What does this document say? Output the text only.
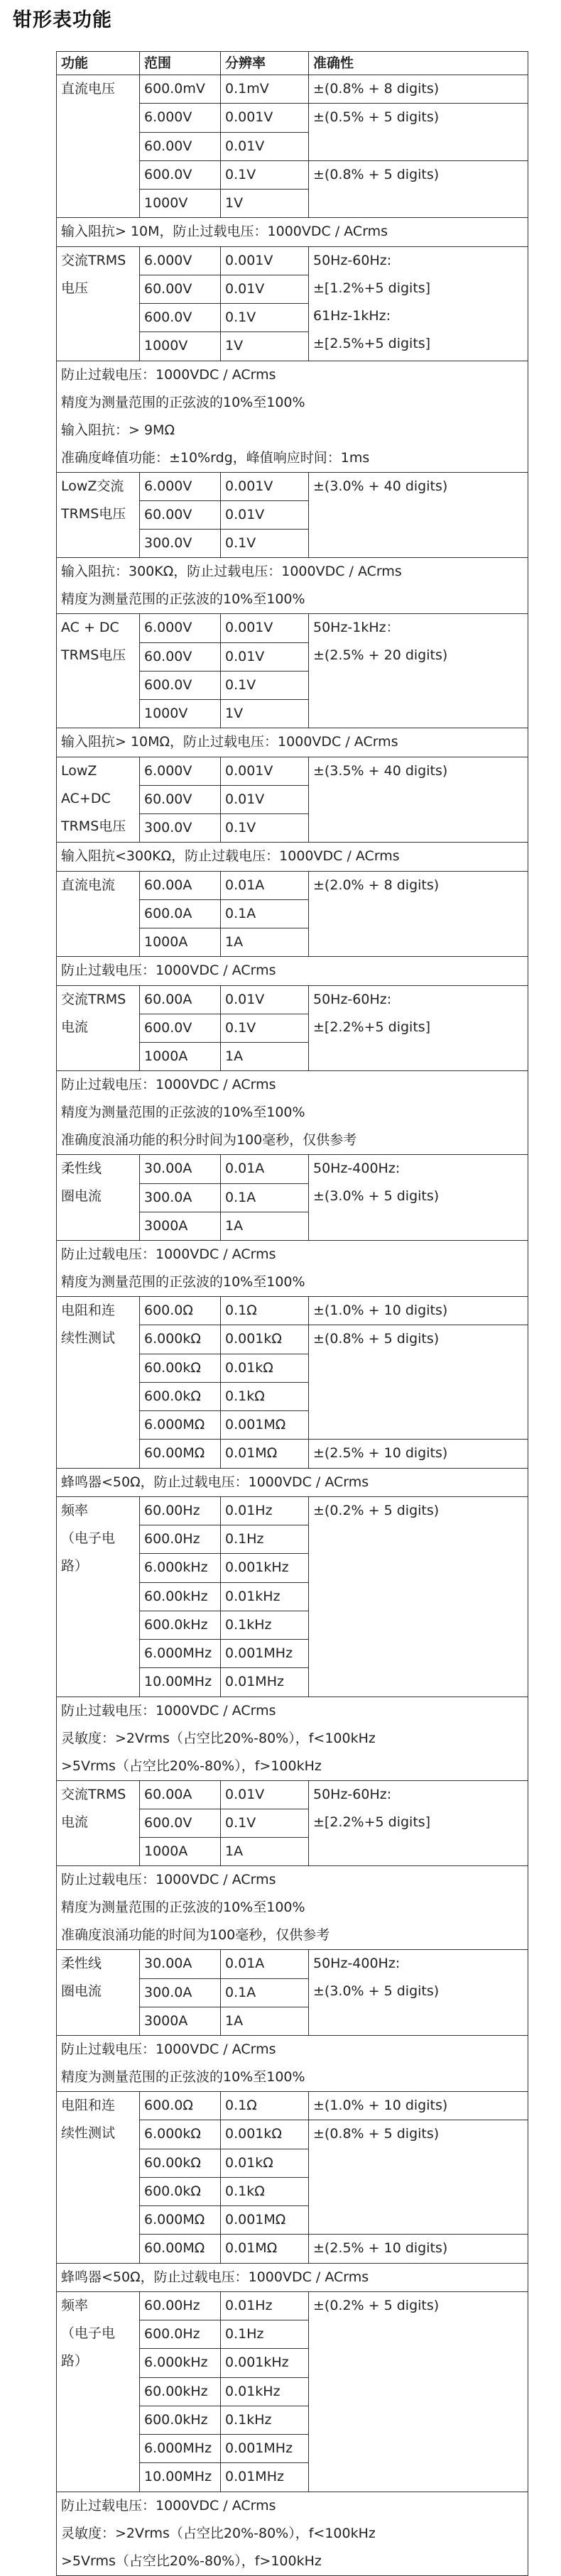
钳形表功能
功能	范围	分辨率	准确性

直流电压	600.0mV	0.1mV	±(0.8% + 8 digits)

	6.000V	0.001V	±(0.5% + 5 digits)

	60.00V	0.01V	
	600.0V	0.1V	±(0.8% + 5 digits)

	1000V	1V	

输入阻抗> 10M，防止过载电压：1000VDC / ACrms			

交流TRMS
电压	6.000V	0.001V	50Hz-60Hz:
±[1.2%+5 digits]
61Hz-1kHz:
±[2.5%+5 digits]

	60.00V	0.01V	
	600.0V	0.1V	
	1000V	1V	

防止过载电压：1000VDC / ACrms
精度为测量范围的正弦波的10%至100%
输入阻抗：> 9MΩ
准确度峰值功能：±10%rdg，峰值响应时间：1ms			

LowZ交流
TRMS电压	6.000V	0.001V	±(3.0% + 40 digits)

	60.00V	0.01V	
	300.0V	0.1V	

输入阻抗：300KΩ，防止过载电压：1000VDC / ACrms
精度为测量范围的正弦波的10%至100%			

AC + DC
TRMS电压	6.000V	0.001V	50Hz-1kHz：
±(2.5% + 20 digits)

	60.00V	0.01V	
	600.0V	0.1V	
	1000V	1V	

输入阻抗> 10MΩ，防止过载电压：1000VDC / ACrms			

LowZ AC+DC
TRMS电压	6.000V	0.001V	±(3.5% + 40 digits)

	60.00V	0.01V	
	300.0V	0.1V	

输入阻抗<300KΩ，防止过载电压：1000VDC / ACrms			

直流电流	60.00A	0.01A	±(2.0% + 8 digits)

	600.0A	0.1A	
	1000A	1A	

防止过载电压：1000VDC / ACrms			

交流TRMS
电流	60.00A	0.01V	50Hz-60Hz:
±[2.2%+5 digits]

	600.0V	0.1V	
	1000A	1A	

防止过载电压：1000VDC / ACrms
精度为测量范围的正弦波的10%至100%
准确度浪涌功能的积分时间为100毫秒，仅供参考			

柔性线
圈电流	30.00A	0.01A	50Hz-400Hz:
±(3.0% + 5 digits)

	300.0A	0.1A	
	3000A	1A	

防止过载电压：1000VDC / ACrms
精度为测量范围的正弦波的10%至100%			

电阻和连
续性测试	600.0Ω	0.1Ω	±(1.0% + 10 digits)

	6.000kΩ	0.001kΩ	±(0.8% + 5 digits)

	60.00kΩ	0.01kΩ	
	600.0kΩ	0.1kΩ	
	6.000MΩ	0.001MΩ	
	60.00MΩ	0.01MΩ	±(2.5% + 10 digits)

蜂鸣器<50Ω，防止过载电压：1000VDC / ACrms			

频率
（电子电路）	60.00Hz	0.01Hz	±(0.2% + 5 digits)

	600.0Hz	0.1Hz	
	6.000kHz	0.001kHz	
	60.00kHz	0.01kHz	
	600.0kHz	0.1kHz	
	6.000MHz	0.001MHz	
	10.00MHz	0.01MHz	

防止过载电压：1000VDC / ACrms
灵敏度：>2Vrms（占空比20%-80%），f<100kHz
>5Vrms（占空比20%-80%），f>100kHz			

交流TRMS
电流	60.00A	0.01V	50Hz-60Hz:
±[2.2%+5 digits]

	600.0V	0.1V	
	1000A	1A	

防止过载电压：1000VDC / ACrms
精度为测量范围的正弦波的10%至100%
准确度浪涌功能的时间为100毫秒，仅供参考			

柔性线
圈电流	30.00A	0.01A	50Hz-400Hz:
±(3.0% + 5 digits)

	300.0A	0.1A	
	3000A	1A	

防止过载电压：1000VDC / ACrms
精度为测量范围的正弦波的10%至100%			

电阻和连
续性测试	600.0Ω	0.1Ω	±(1.0% + 10 digits)

	6.000kΩ	0.001kΩ	±(0.8% + 5 digits)

	60.00kΩ	0.01kΩ	
	600.0kΩ	0.1kΩ	
	6.000MΩ	0.001MΩ	
	60.00MΩ	0.01MΩ	±(2.5% + 10 digits)

蜂鸣器<50Ω，防止过载电压：1000VDC / ACrms			

频率
（电子电路）	60.00Hz	0.01Hz	±(0.2% + 5 digits)

	600.0Hz	0.1Hz	
	6.000kHz	0.001kHz	
	60.00kHz	0.01kHz	
	600.0kHz	0.1kHz	
	6.000MHz	0.001MHz	
	10.00MHz	0.01MHz	

防止过载电压：1000VDC / ACrms
灵敏度：>2Vrms（占空比20%-80%），f<100kHz
>5Vrms（占空比20%-80%），f>100kHz			
